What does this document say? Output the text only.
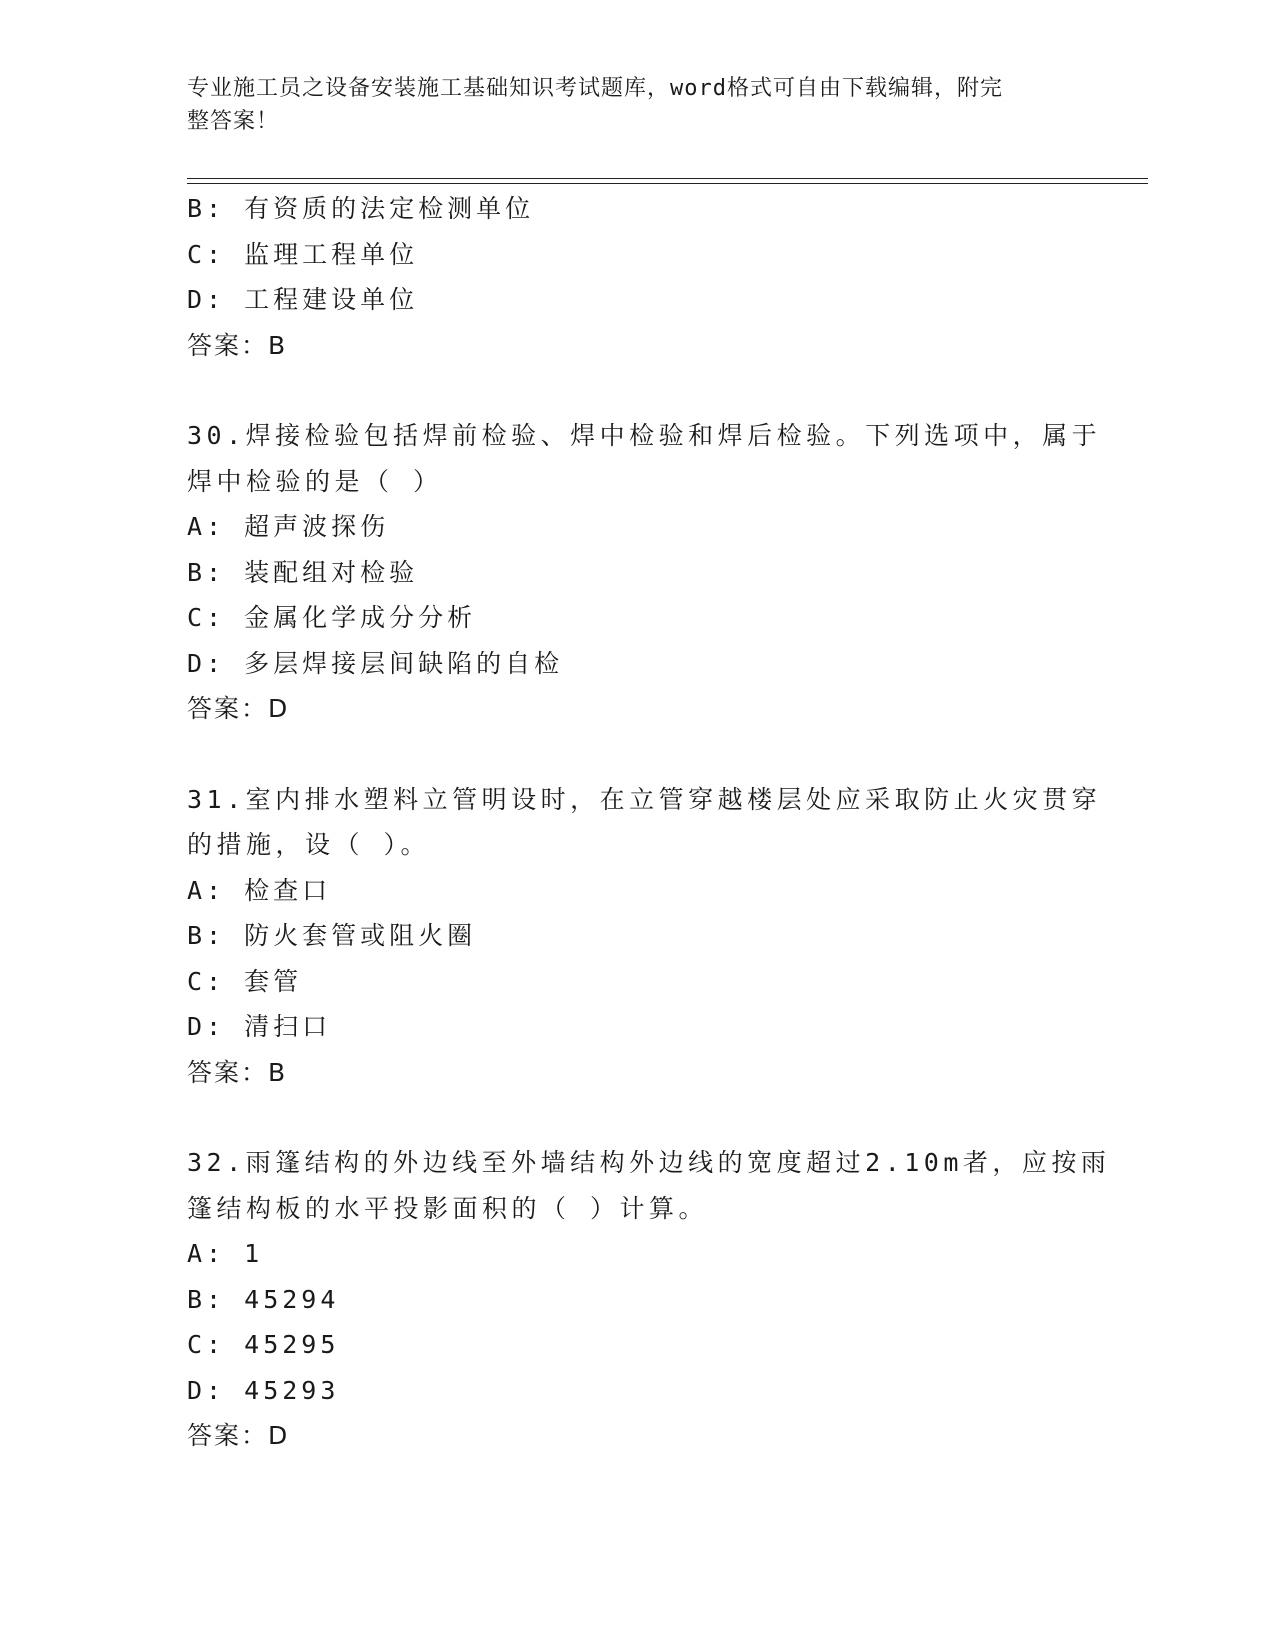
专业施工员之设备安装施工基础知识考试题库，word格式可自由下载编辑，附完
整答案！
B: 有资质的法定检测单位
C: 监理工程单位
D: 工程建设单位
答案：B
30.焊接检验包括焊前检验、焊中检验和焊后检验。下列选项中，属于
焊中检验的是（ ）
A: 超声波探伤
B: 装配组对检验
C: 金属化学成分分析
D: 多层焊接层间缺陷的自检
答案：D
31.室内排水塑料立管明设时，在立管穿越楼层处应采取防止火灾贯穿
的措施，设（ ）。
A: 检查口
B: 防火套管或阻火圈
C: 套管
D: 清扫口
答案：B
32.雨篷结构的外边线至外墙结构外边线的宽度超过2.10m者，应按雨
篷结构板的水平投影面积的（ ）计算。
A: 1
B: 45294
C: 45295
D: 45293
答案：D
